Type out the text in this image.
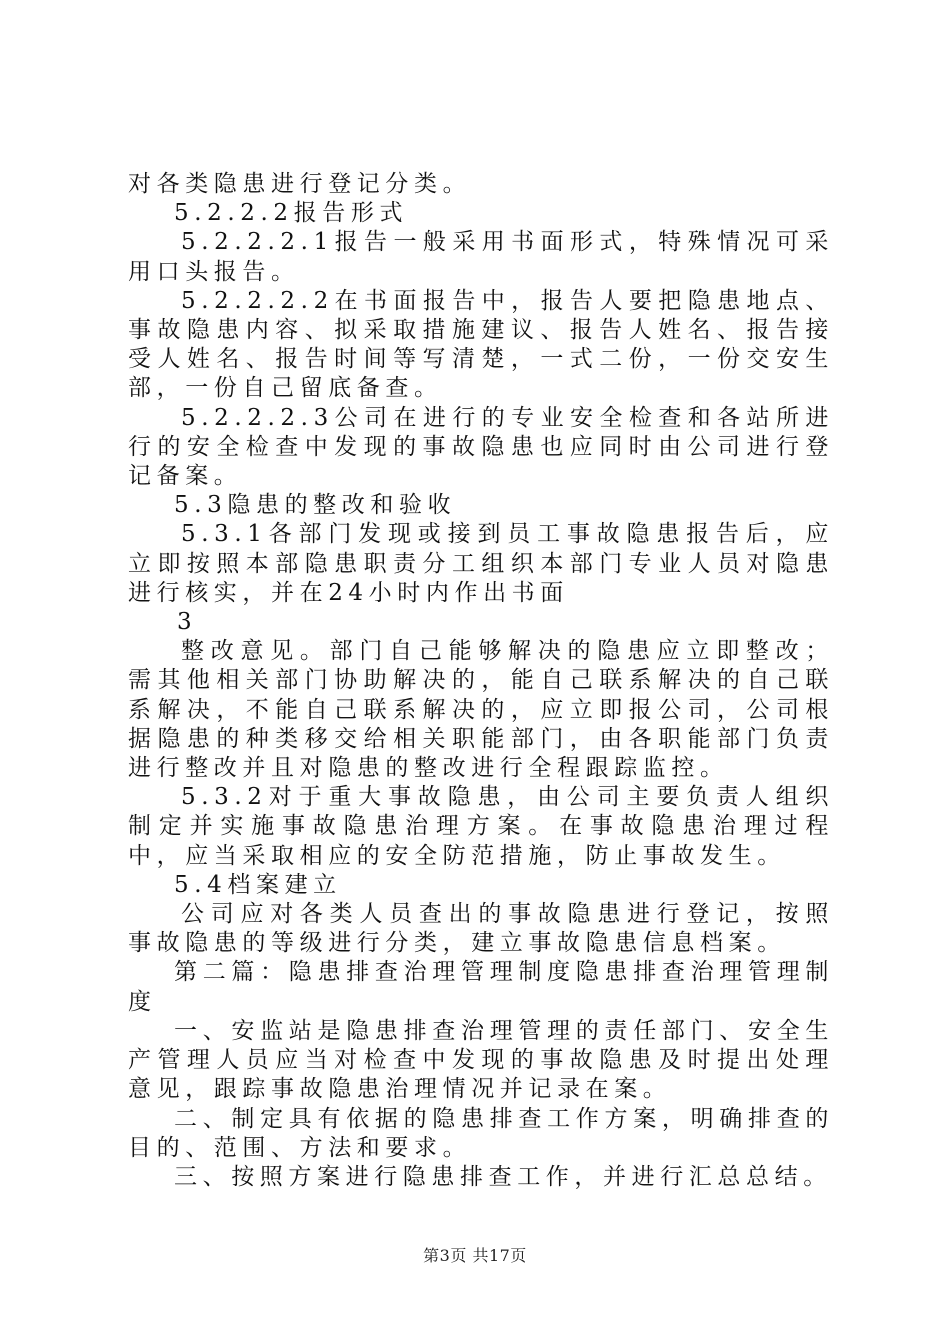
对各类隐患进行登记分类。

5.2.2.2报告形式

5.2.2.2.1报告一般采用书面形式，特殊情况可采用口头报告。

5.2.2.2.2在书面报告中，报告人要把隐患地点、事故隐患内容、拟采取措施建议、报告人姓名、报告接受人姓名、报告时间等写清楚，一式二份，一份交安生部，一份自己留底备查。

5.2.2.2.3公司在进行的专业安全检查和各站所进行的安全检查中发现的事故隐患也应同时由公司进行登记备案。

5.3隐患的整改和验收

5.3.1各部门发现或接到员工事故隐患报告后，应立即按照本部隐患职责分工组织本部门专业人员对隐患进行核实，并在24小时内作出书面

3

整改意见。部门自己能够解决的隐患应立即整改；需其他相关部门协助解决的，能自己联系解决的自己联系解决，不能自己联系解决的，应立即报公司，公司根据隐患的种类移交给相关职能部门，由各职能部门负责进行整改并且对隐患的整改进行全程跟踪监控。

5.3.2对于重大事故隐患，由公司主要负责人组织制定并实施事故隐患治理方案。在事故隐患治理过程中，应当采取相应的安全防范措施，防止事故发生。

5.4档案建立

公司应对各类人员查出的事故隐患进行登记，按照事故隐患的等级进行分类，建立事故隐患信息档案。

第二篇：隐患排查治理管理制度隐患排查治理管理制度

一、安监站是隐患排查治理管理的责任部门、安全生产管理人员应当对检查中发现的事故隐患及时提出处理意见，跟踪事故隐患治理情况并记录在案。

二、制定具有依据的隐患排查工作方案，明确排查的目的、范围、方法和要求。

三、按照方案进行隐患排查工作，并进行汇总总结。

第3页 共17页
